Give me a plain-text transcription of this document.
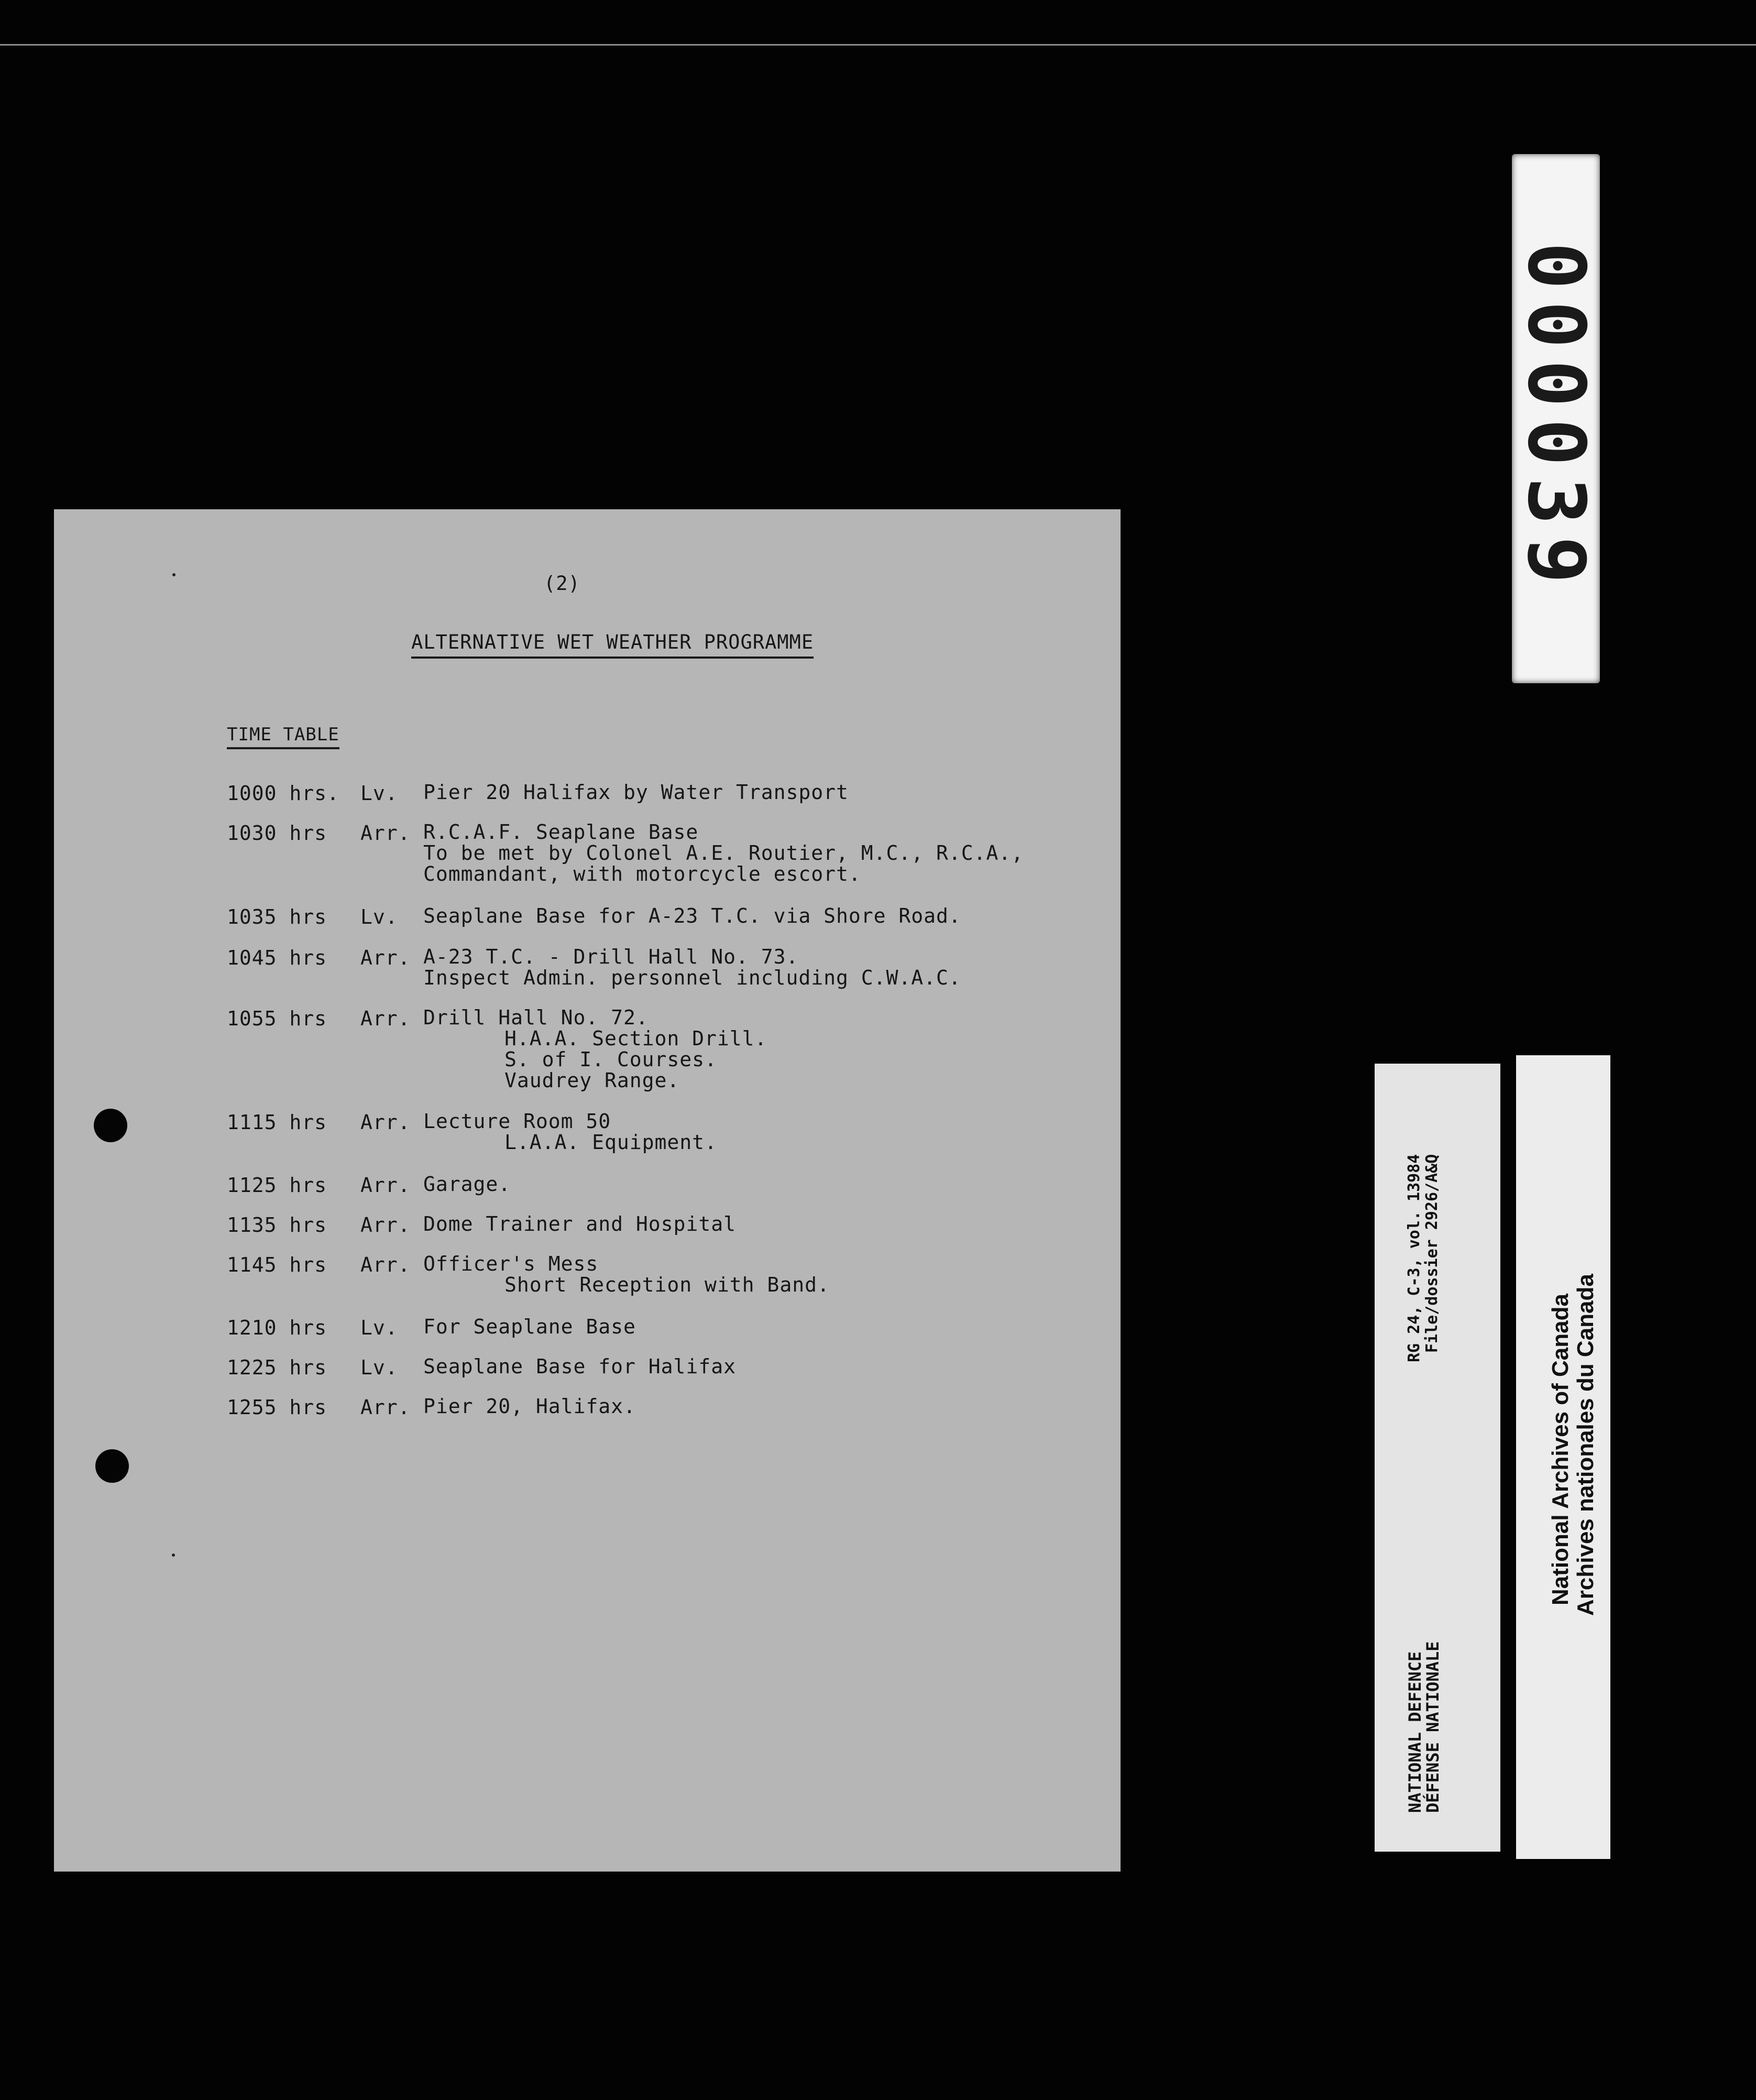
000039
(2)
ALTERNATIVE WET WEATHER PROGRAMME
TIME TABLE
1000 hrs. Lv. Pier 20 Halifax by Water Transport
1030 hrs Arr. R.C.A.F. Seaplane Base
To be met by Colonel A.E. Routier, M.C., R.C.A.,
Commandant, with motorcycle escort.
1035 hrs Lv. Seaplane Base for A-23 T.C. via Shore Road.
1045 hrs Arr. A-23 T.C. - Drill Hall No. 73.
Inspect Admin. personnel including C.W.A.C.
1055 hrs Arr. Drill Hall No. 72.
H.A.A. Section Drill.
S. of I. Courses.
Vaudrey Range.
1115 hrs Arr. Lecture Room 50
L.A.A. Equipment.
1125 hrs Arr. Garage.
1135 hrs Arr. Dome Trainer and Hospital
1145 hrs Arr. Officer's Mess
Short Reception with Band.
1210 hrs Lv. For Seaplane Base
1225 hrs Lv. Seaplane Base for Halifax
1255 hrs Arr. Pier 20, Halifax.
RG 24, C-3, vol. 13984 File/dossier 2926/A&Q
NATIONAL DEFENCE
DÉFENSE NATIONALE
National Archives of Canada Archives nationales du Canada
